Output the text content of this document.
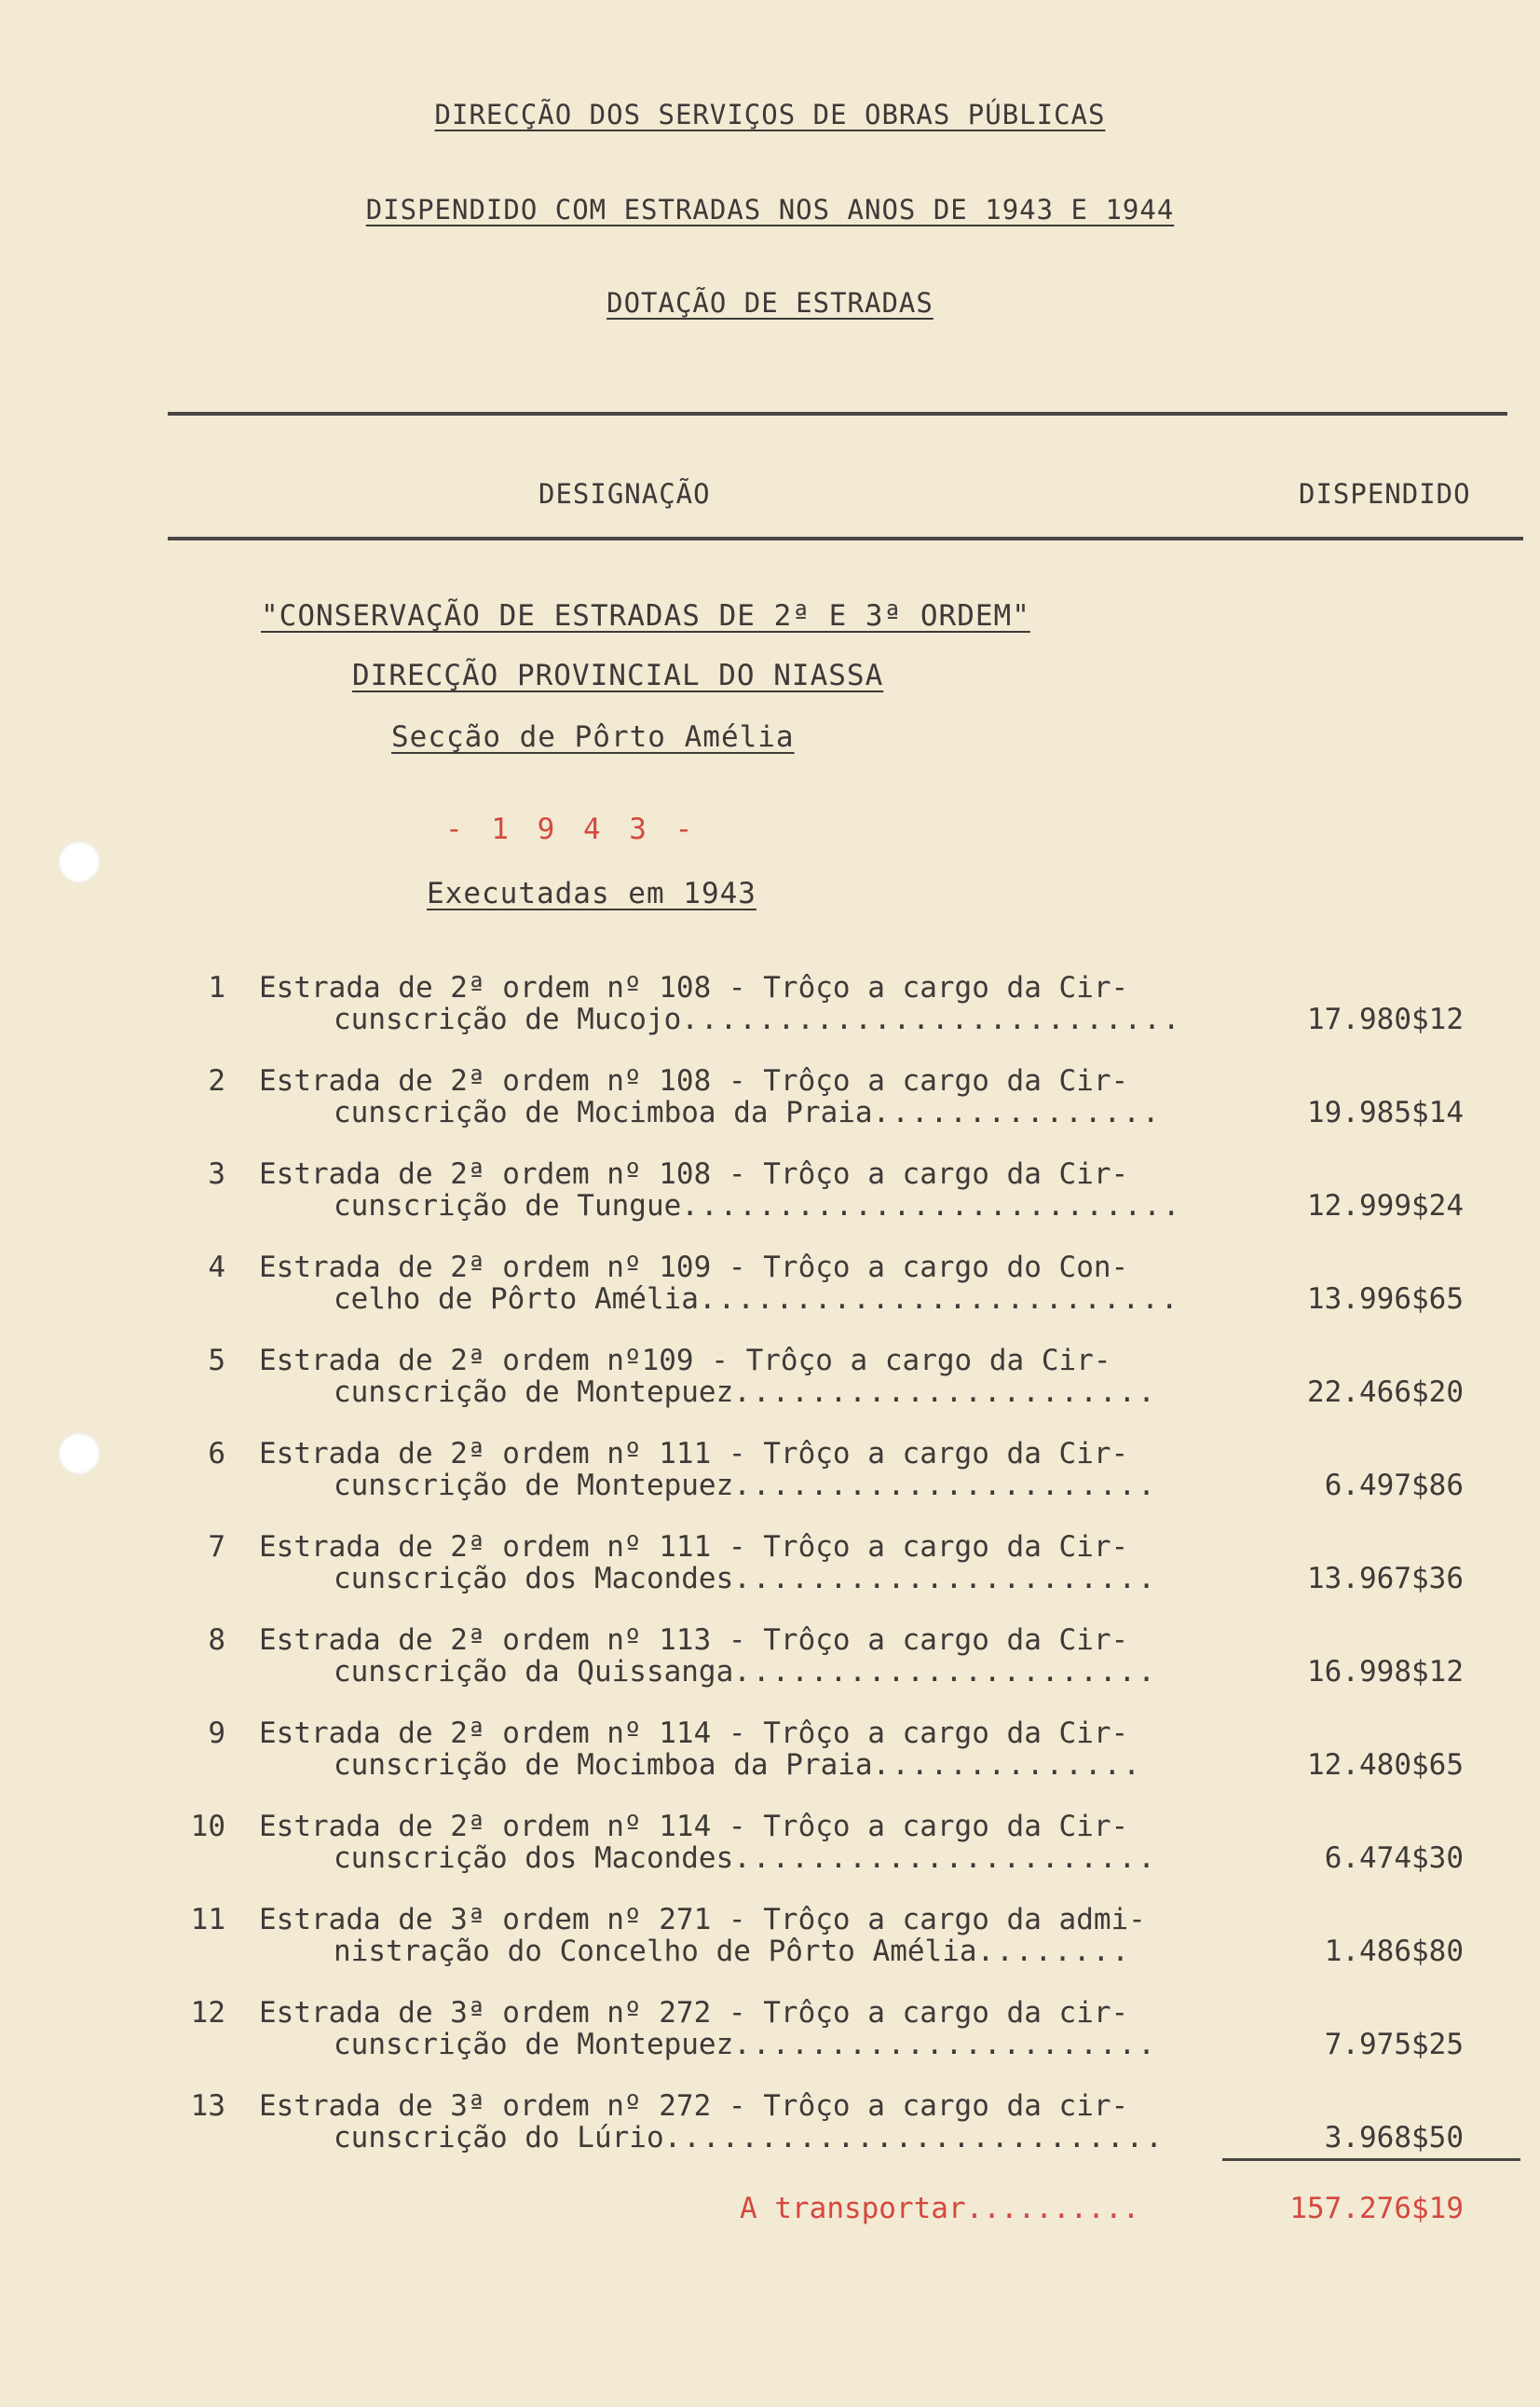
DIRECÇÃO DOS SERVIÇOS DE OBRAS PÚBLICAS
DISPENDIDO COM ESTRADAS NOS ANOS DE 1943 E 1944
DOTAÇÃO DE ESTRADAS
DESIGNAÇÃO	DISPENDIDO
"CONSERVAÇÃO DE ESTRADAS DE 2ª E 3ª ORDEM"
DIRECÇÃO PROVINCIAL DO NIASSA
Secção de Pôrto Amélia
- 1 9 4 3 -
Executadas em 1943
1 Estrada de 2ª ordem nº 108 - Trôço a cargo da Cir-
cunscrição de Mucojo..........................	17.980$12
2 Estrada de 2ª ordem nº 108 - Trôço a cargo da Cir-
cunscrição de Mocimboa da Praia...............	19.985$14
3 Estrada de 2ª ordem nº 108 - Trôço a cargo da Cir-
cunscrição de Tungue..........................	12.999$24
4 Estrada de 2ª ordem nº 109 - Trôço a cargo do Con-
celho de Pôrto Amélia.........................	13.996$65
5 Estrada de 2ª ordem nº109 - Trôço a cargo da Cir-
cunscrição de Montepuez......................	22.466$20
6 Estrada de 2ª ordem nº 111 - Trôço a cargo da Cir-
cunscrição de Montepuez......................	6.497$86
7 Estrada de 2ª ordem nº 111 - Trôço a cargo da Cir-
cunscrição dos Macondes......................	13.967$36
8 Estrada de 2ª ordem nº 113 - Trôço a cargo da Cir-
cunscrição da Quissanga......................	16.998$12
9 Estrada de 2ª ordem nº 114 - Trôço a cargo da Cir-
cunscrição de Mocimboa da Praia..............	12.480$65
10 Estrada de 2ª ordem nº 114 - Trôço a cargo da Cir-
cunscrição dos Macondes......................	6.474$30
11 Estrada de 3ª ordem nº 271 - Trôço a cargo da admi-
nistração do Concelho de Pôrto Amélia........	1.486$80
12 Estrada de 3ª ordem nº 272 - Trôço a cargo da cir-
cunscrição de Montepuez......................	7.975$25
13 Estrada de 3ª ordem nº 272 - Trôço a cargo da cir-
cunscrição do Lúrio..........................	3.968$50
A transportar..........	157.276$19
